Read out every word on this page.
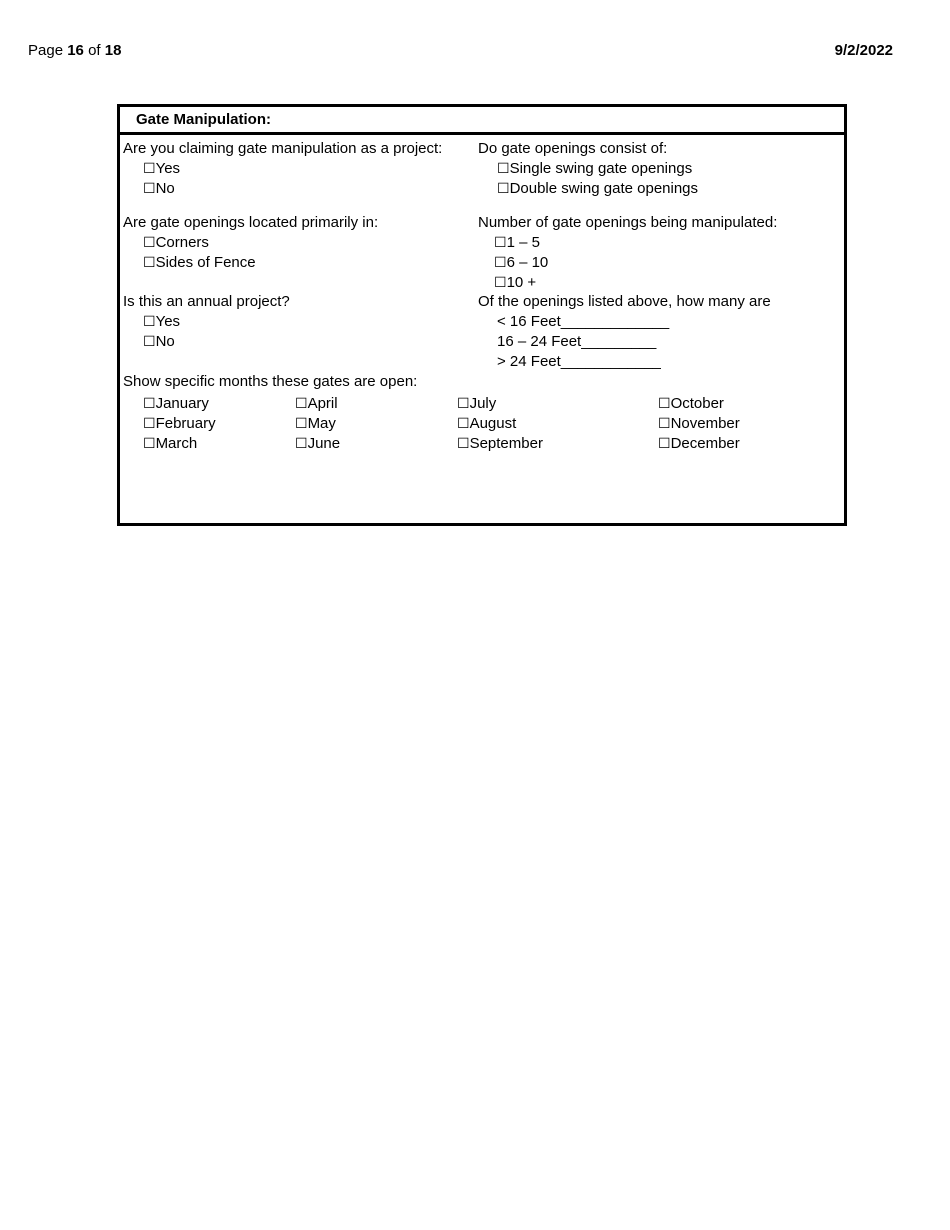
Page 16 of 18	9/2/2022
Gate Manipulation:
Are you claiming gate manipulation as a project:
☐Yes
☐No
Are gate openings located primarily in:
☐Corners
☐Sides of Fence
Is this an annual project?
☐Yes
☐No
Do gate openings consist of:
☐Single swing gate openings
☐Double swing gate openings
Number of gate openings being manipulated:
☐1 – 5
☐6 – 10
☐10 +
Of the openings listed above, how many are
< 16 Feet_____________
16 – 24 Feet_________
> 24 Feet____________
Show specific months these gates are open:
☐January
☐February
☐March
☐April
☐May
☐June
☐July
☐August
☐September
☐October
☐November
☐December
